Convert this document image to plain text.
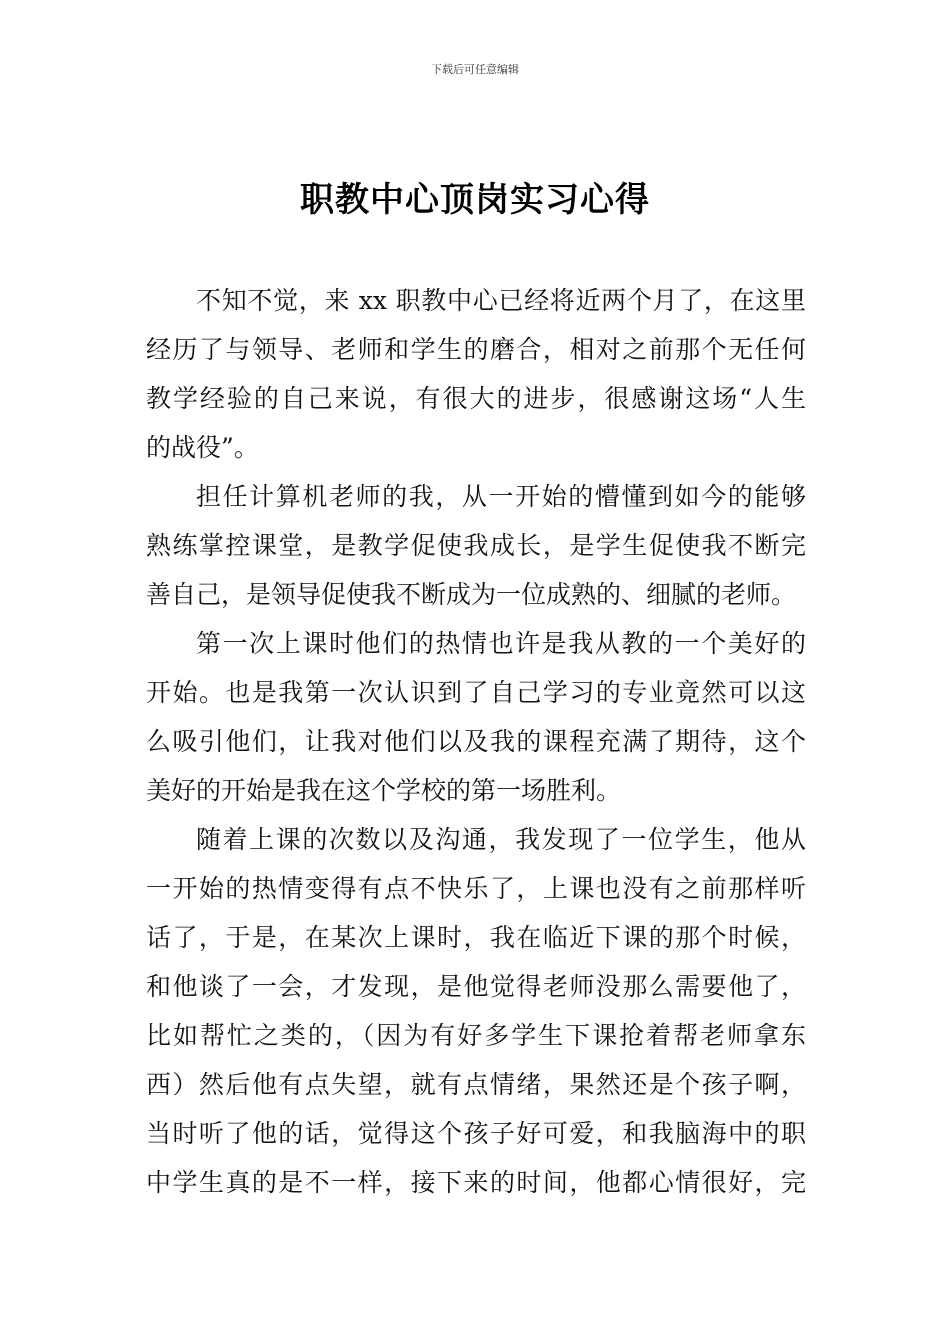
下载后可任意编辑
职教中心顶岗实习心得
不知不觉，来 xx 职教中心已经将近两个月了，在这里
经历了与领导、老师和学生的磨合，相对之前那个无任何
教学经验的自己来说，有很大的进步，很感谢这场“人生
的战役”。
担任计算机老师的我，从一开始的懵懂到如今的能够
熟练掌控课堂，是教学促使我成长，是学生促使我不断完
善自己，是领导促使我不断成为一位成熟的、细腻的老师。
第一次上课时他们的热情也许是我从教的一个美好的
开始。也是我第一次认识到了自己学习的专业竟然可以这
么吸引他们，让我对他们以及我的课程充满了期待，这个
美好的开始是我在这个学校的第一场胜利。
随着上课的次数以及沟通，我发现了一位学生，他从
一开始的热情变得有点不快乐了，上课也没有之前那样听
话了，于是，在某次上课时，我在临近下课的那个时候，
和他谈了一会，才发现，是他觉得老师没那么需要他了，
比如帮忙之类的，（因为有好多学生下课抢着帮老师拿东
西）然后他有点失望，就有点情绪，果然还是个孩子啊，
当时听了他的话，觉得这个孩子好可爱，和我脑海中的职
中学生真的是不一样，接下来的时间，他都心情很好，完
